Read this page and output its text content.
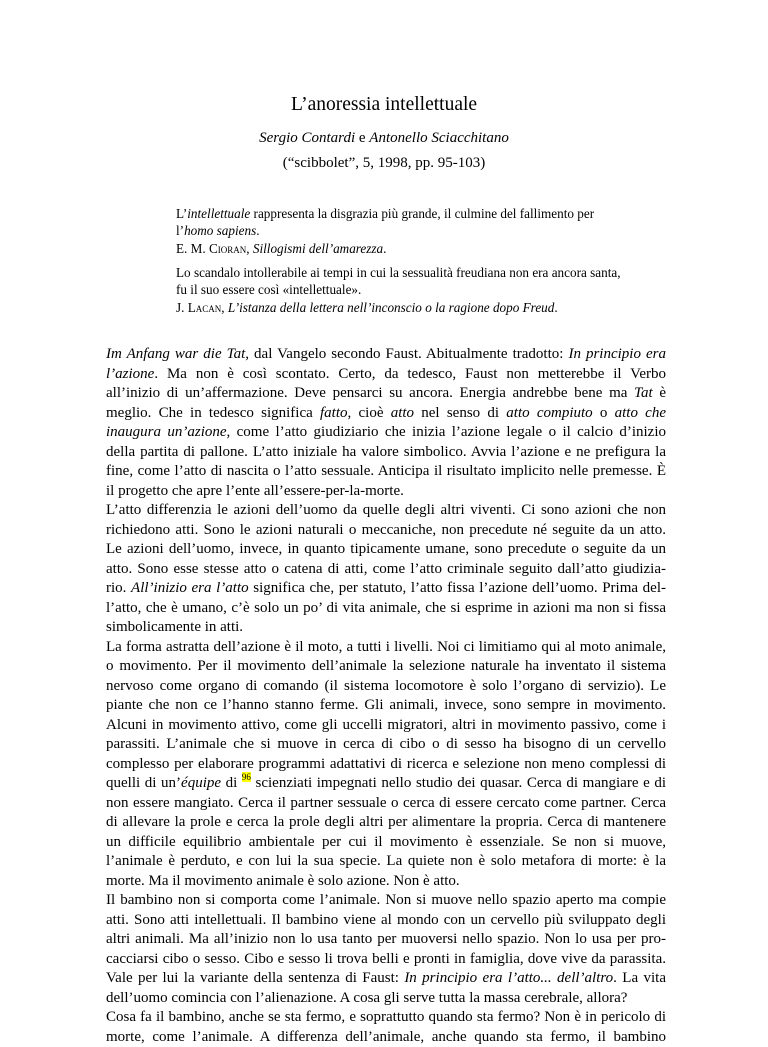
L’anoressia intellettuale
Sergio Contardi e Antonello Sciacchitano
(“scibbolet”, 5, 1998, pp. 95-103)

L’intellettuale rappresenta la disgrazia più grande, il culmine del fallimento per

l’homo sapiens.

E. M. Cioran, Sillogismi dell’amarezza.

Lo scandalo intollerabile ai tempi in cui la sessualità freudiana non era ancora santa,

fu il suo essere così «intellettuale».

J. Lacan, L’istanza della lettera nell’inconscio o la ragione dopo Freud.

Im Anfang war die Tat, dal Vangelo secondo Faust. Abitualmente tradotto: In principio era
l’azione. Ma non è così scontato. Certo, da tedesco, Faust non metterebbe il Verbo
all’inizio di un’affermazione. Deve pensarci su ancora. Energia andrebbe bene ma Tat è
meglio. Che in tedesco significa fatto, cioè atto nel senso di atto compiuto o atto che
inaugura un’azione, come l’atto giudiziario che inizia l’azione legale o il calcio d’inizio
della partita di pallone. L’atto iniziale ha valore simbolico. Avvia l’azione e ne prefigura la
fine, come l’atto di nascita o l’atto sessuale. Anticipa il risultato implicito nelle premesse. È
il progetto che apre l’ente all’essere-per-la-morte.
L’atto differenzia le azioni dell’uomo da quelle degli altri viventi. Ci sono azioni che non
richiedono atti. Sono le azioni naturali o meccaniche, non precedute né seguite da un atto.
Le azioni dell’uomo, invece, in quanto tipicamente umane, sono precedute o seguite da un
atto. Sono esse stesse atto o catena di atti, come l’atto criminale seguito dall’atto giudizia-
rio. All’inizio era l’atto significa che, per statuto, l’atto fissa l’azione dell’uomo. Prima del-
l’atto, che è umano, c’è solo un po’ di vita animale, che si esprime in azioni ma non si fissa
simbolicamente in atti.
La forma astratta dell’azione è il moto, a tutti i livelli. Noi ci limitiamo qui al moto animale,
o movimento. Per il movimento dell’animale la selezione naturale ha inventato il sistema
nervoso come organo di comando (il sistema locomotore è solo l’organo di servizio). Le
piante che non ce l’hanno stanno ferme. Gli animali, invece, sono sempre in movimento.
Alcuni in movimento attivo, come gli uccelli migratori, altri in movimento passivo, come i
parassiti. L’animale che si muove in cerca di cibo o di sesso ha bisogno di un cervello
complesso per elaborare programmi adattativi di ricerca e selezione non meno complessi di
quelli di un’équipe di $^{96}$ scienziati impegnati nello studio dei quasar. Cerca di mangiare e di
non essere mangiato. Cerca il partner sessuale o cerca di essere cercato come partner. Cerca
di allevare la prole e cerca la prole degli altri per alimentare la propria. Cerca di mantenere
un difficile equilibrio ambientale per cui il movimento è essenziale. Se non si muove,
l’animale è perduto, e con lui la sua specie. La quiete non è solo metafora di morte: è la
morte. Ma il movimento animale è solo azione. Non è atto.
Il bambino non si comporta come l’animale. Non si muove nello spazio aperto ma compie
atti. Sono atti intellettuali. Il bambino viene al mondo con un cervello più sviluppato degli
altri animali. Ma all’inizio non lo usa tanto per muoversi nello spazio. Non lo usa per pro-
cacciarsi cibo o sesso. Cibo e sesso li trova belli e pronti in famiglia, dove vive da parassita.
Vale per lui la variante della sentenza di Faust: In principio era l’atto... dell’altro. La vita
dell’uomo comincia con l’alienazione. A cosa gli serve tutta la massa cerebrale, allora?
Cosa fa il bambino, anche se sta fermo, e soprattutto quando sta fermo? Non è in pericolo di
morte, come l’animale. A differenza dell’animale, anche quando sta fermo, il bambino
